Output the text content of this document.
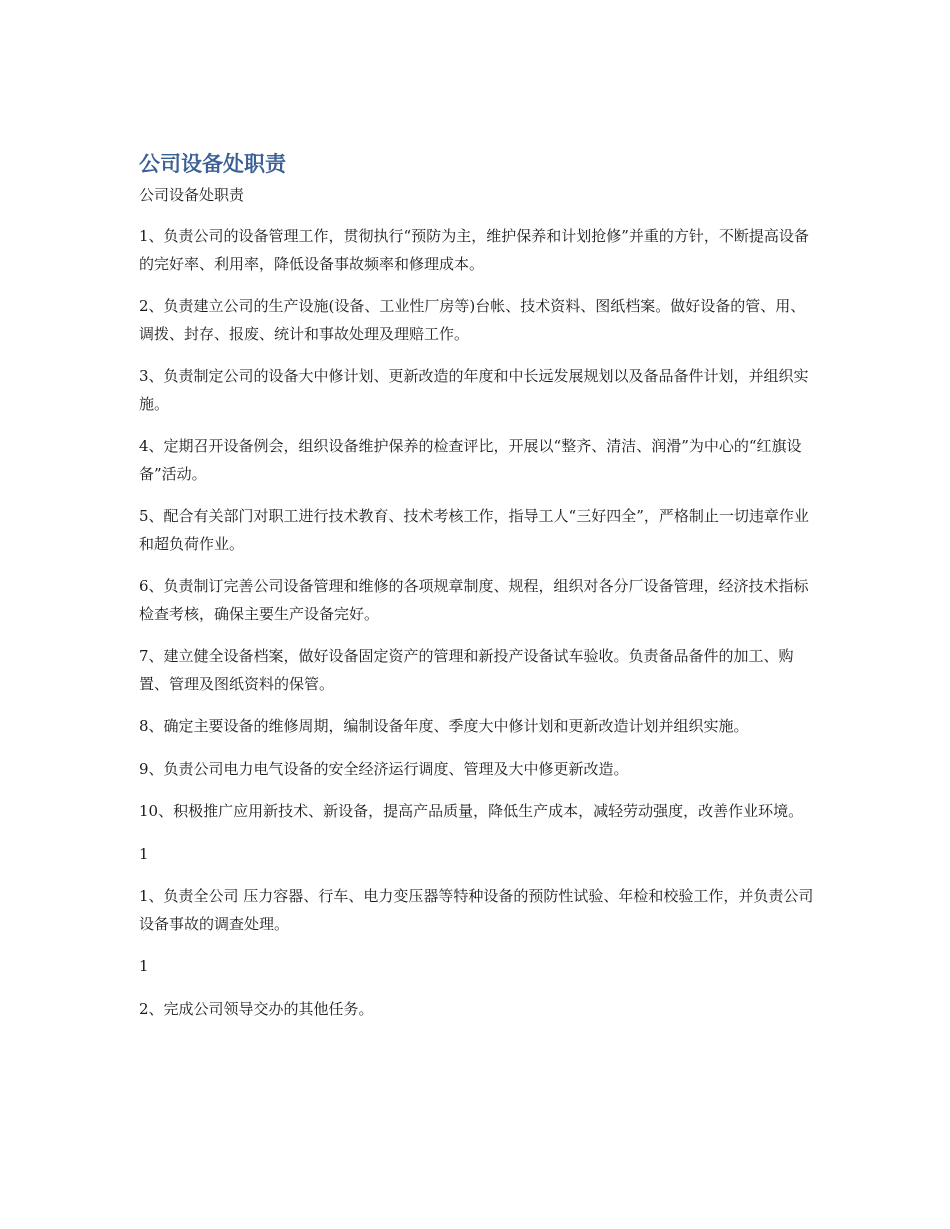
公司设备处职责

公司设备处职责

1、负责公司的设备管理工作，贯彻执行“预防为主，维护保养和计划抢修”并重的方针，不断提高设备的完好率、利用率，降低设备事故频率和修理成本。

2、负责建立公司的生产设施(设备、工业性厂房等)台帐、技术资料、图纸档案。做好设备的管、用、调拨、封存、报废、统计和事故处理及理赔工作。

3、负责制定公司的设备大中修计划、更新改造的年度和中长远发展规划以及备品备件计划，并组织实施。

4、定期召开设备例会，组织设备维护保养的检查评比，开展以“整齐、清洁、润滑”为中心的“红旗设备”活动。

5、配合有关部门对职工进行技术教育、技术考核工作，指导工人“三好四全”，严格制止一切违章作业和超负荷作业。

6、负责制订完善公司设备管理和维修的各项规章制度、规程，组织对各分厂设备管理，经济技术指标检查考核，确保主要生产设备完好。

7、建立健全设备档案，做好设备固定资产的管理和新投产设备试车验收。负责备品备件的加工、购置、管理及图纸资料的保管。

8、确定主要设备的维修周期，编制设备年度、季度大中修计划和更新改造计划并组织实施。

9、负责公司电力电气设备的安全经济运行调度、管理及大中修更新改造。

10、积极推广应用新技术、新设备，提高产品质量，降低生产成本，减轻劳动强度，改善作业环境。

1

1、负责全公司 压力容器、行车、电力变压器等特种设备的预防性试验、年检和校验工作，并负责公司设备事故的调查处理。

1

2、完成公司领导交办的其他任务。
